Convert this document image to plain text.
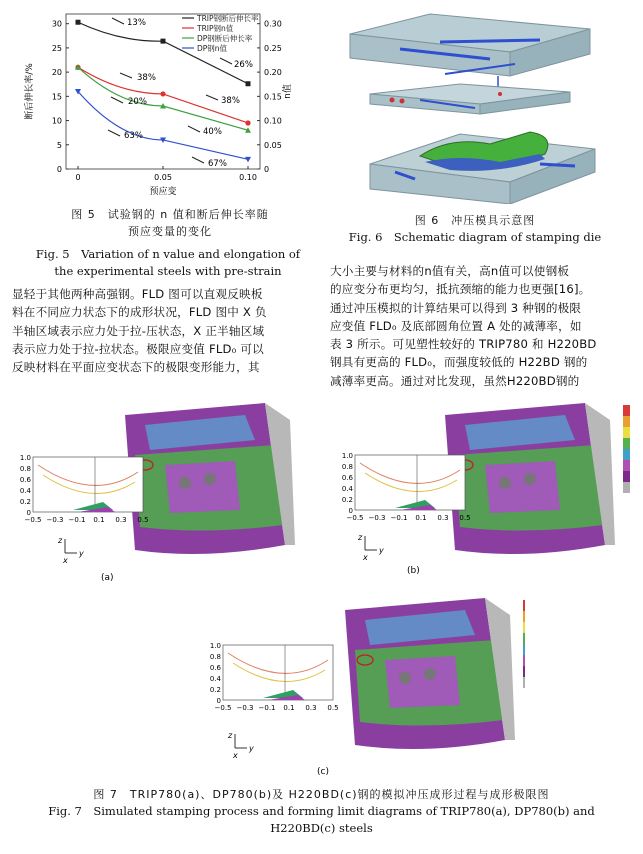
0
5
10
15
20
25
30
0
0.05
0.10
0.15
0.20
0.25
0.30
0	0.05	0.10
预应变
断后伸长率/%	n值
TRIP钢断后伸长率
TRIP钢n值
DP钢断后伸长率
DP钢n值
13%
26%
38%
38%
20%
40%
63%
67%
图 5　试验钢的 n 值和断后伸长率随
预应变量的变化
Fig. 5　Variation of n value and elongation of
the experimental steels with pre-strain
图 6　冲压模具示意图
Fig. 6　Schematic diagram of stamping die
显轻于其他两种高强钢。FLD 图可以直观反映板
料在不同应力状态下的成形状况，FLD 图中 X 负
半轴区域表示应力处于拉-压状态，X 正半轴区域
表示应力处于拉-拉状态。极限应变值 FLD₀ 可以
反映材料在平面应变状态下的极限变形能力，其
大小主要与材料的n值有关，高n值可以使钢板
的应变分布更均匀，抵抗颈缩的能力也更强[16]。
通过冲压模拟的计算结果可以得到 3 种钢的极限
应变值 FLD₀ 及底部圆角位置 A 处的减薄率，如
表 3 所示。可见塑性较好的 TRIP780 和 H220BD
钢具有更高的 FLD₀，而强度较低的 H22BD 钢的
减薄率更高。通过对比发现，虽然H220BD钢的
1.0
0.8
0.6
0.4
0.2
0
−0.5 −0.3 −0.1 0.1 0.3 0.5
z
y
x
(a)
1.0
0.8
0.6
0.4
0.2
0
−0.5 −0.3 −0.1 0.1 0.3 0.5
z
y
x
(b)
1.0
0.8
0.6
0.4
0.2
0
−0.5 −0.3 −0.1 0.1 0.3 0.5
z
y
x
(c)
图 7　TRIP780(a)、DP780(b)及 H220BD(c)钢的模拟冲压成形过程与成形极限图
Fig. 7　Simulated stamping process and forming limit diagrams of TRIP780(a), DP780(b) and
H220BD(c) steels
